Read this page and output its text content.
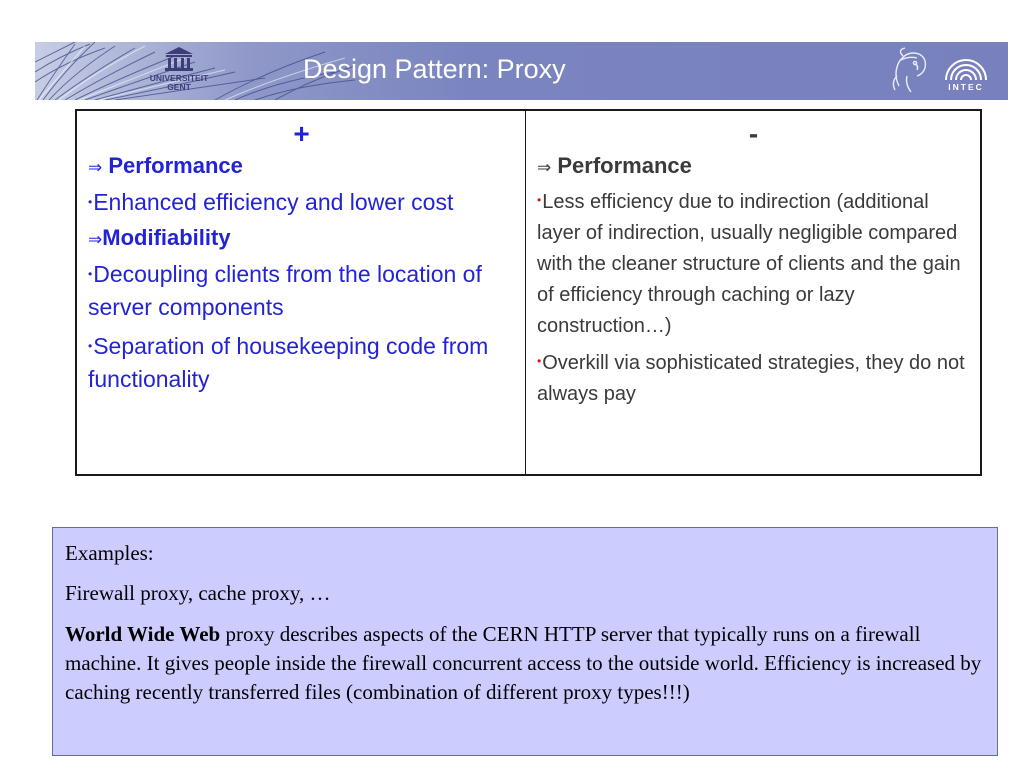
UNIVERSITEIT
GENT
Design Pattern: Proxy
INTEC
+
⇒ Performance
•Enhanced efficiency and lower cost
⇒Modifiability
•Decoupling clients from the location of server components
•Separation of housekeeping code from functionality
-
⇒ Performance
•Less efficiency due to indirection (additional layer of indirection, usually negligible compared with the cleaner structure of clients and the gain of efficiency through caching or lazy construction…)
•Overkill via sophisticated strategies, they do not always pay
Examples:
Firewall proxy, cache proxy, …
World Wide Web proxy describes aspects of the CERN HTTP server that typically runs on a firewall machine. It gives people inside the firewall concurrent access to the outside world. Efficiency is increased by caching recently transferred files (combination of different proxy types!!!)
